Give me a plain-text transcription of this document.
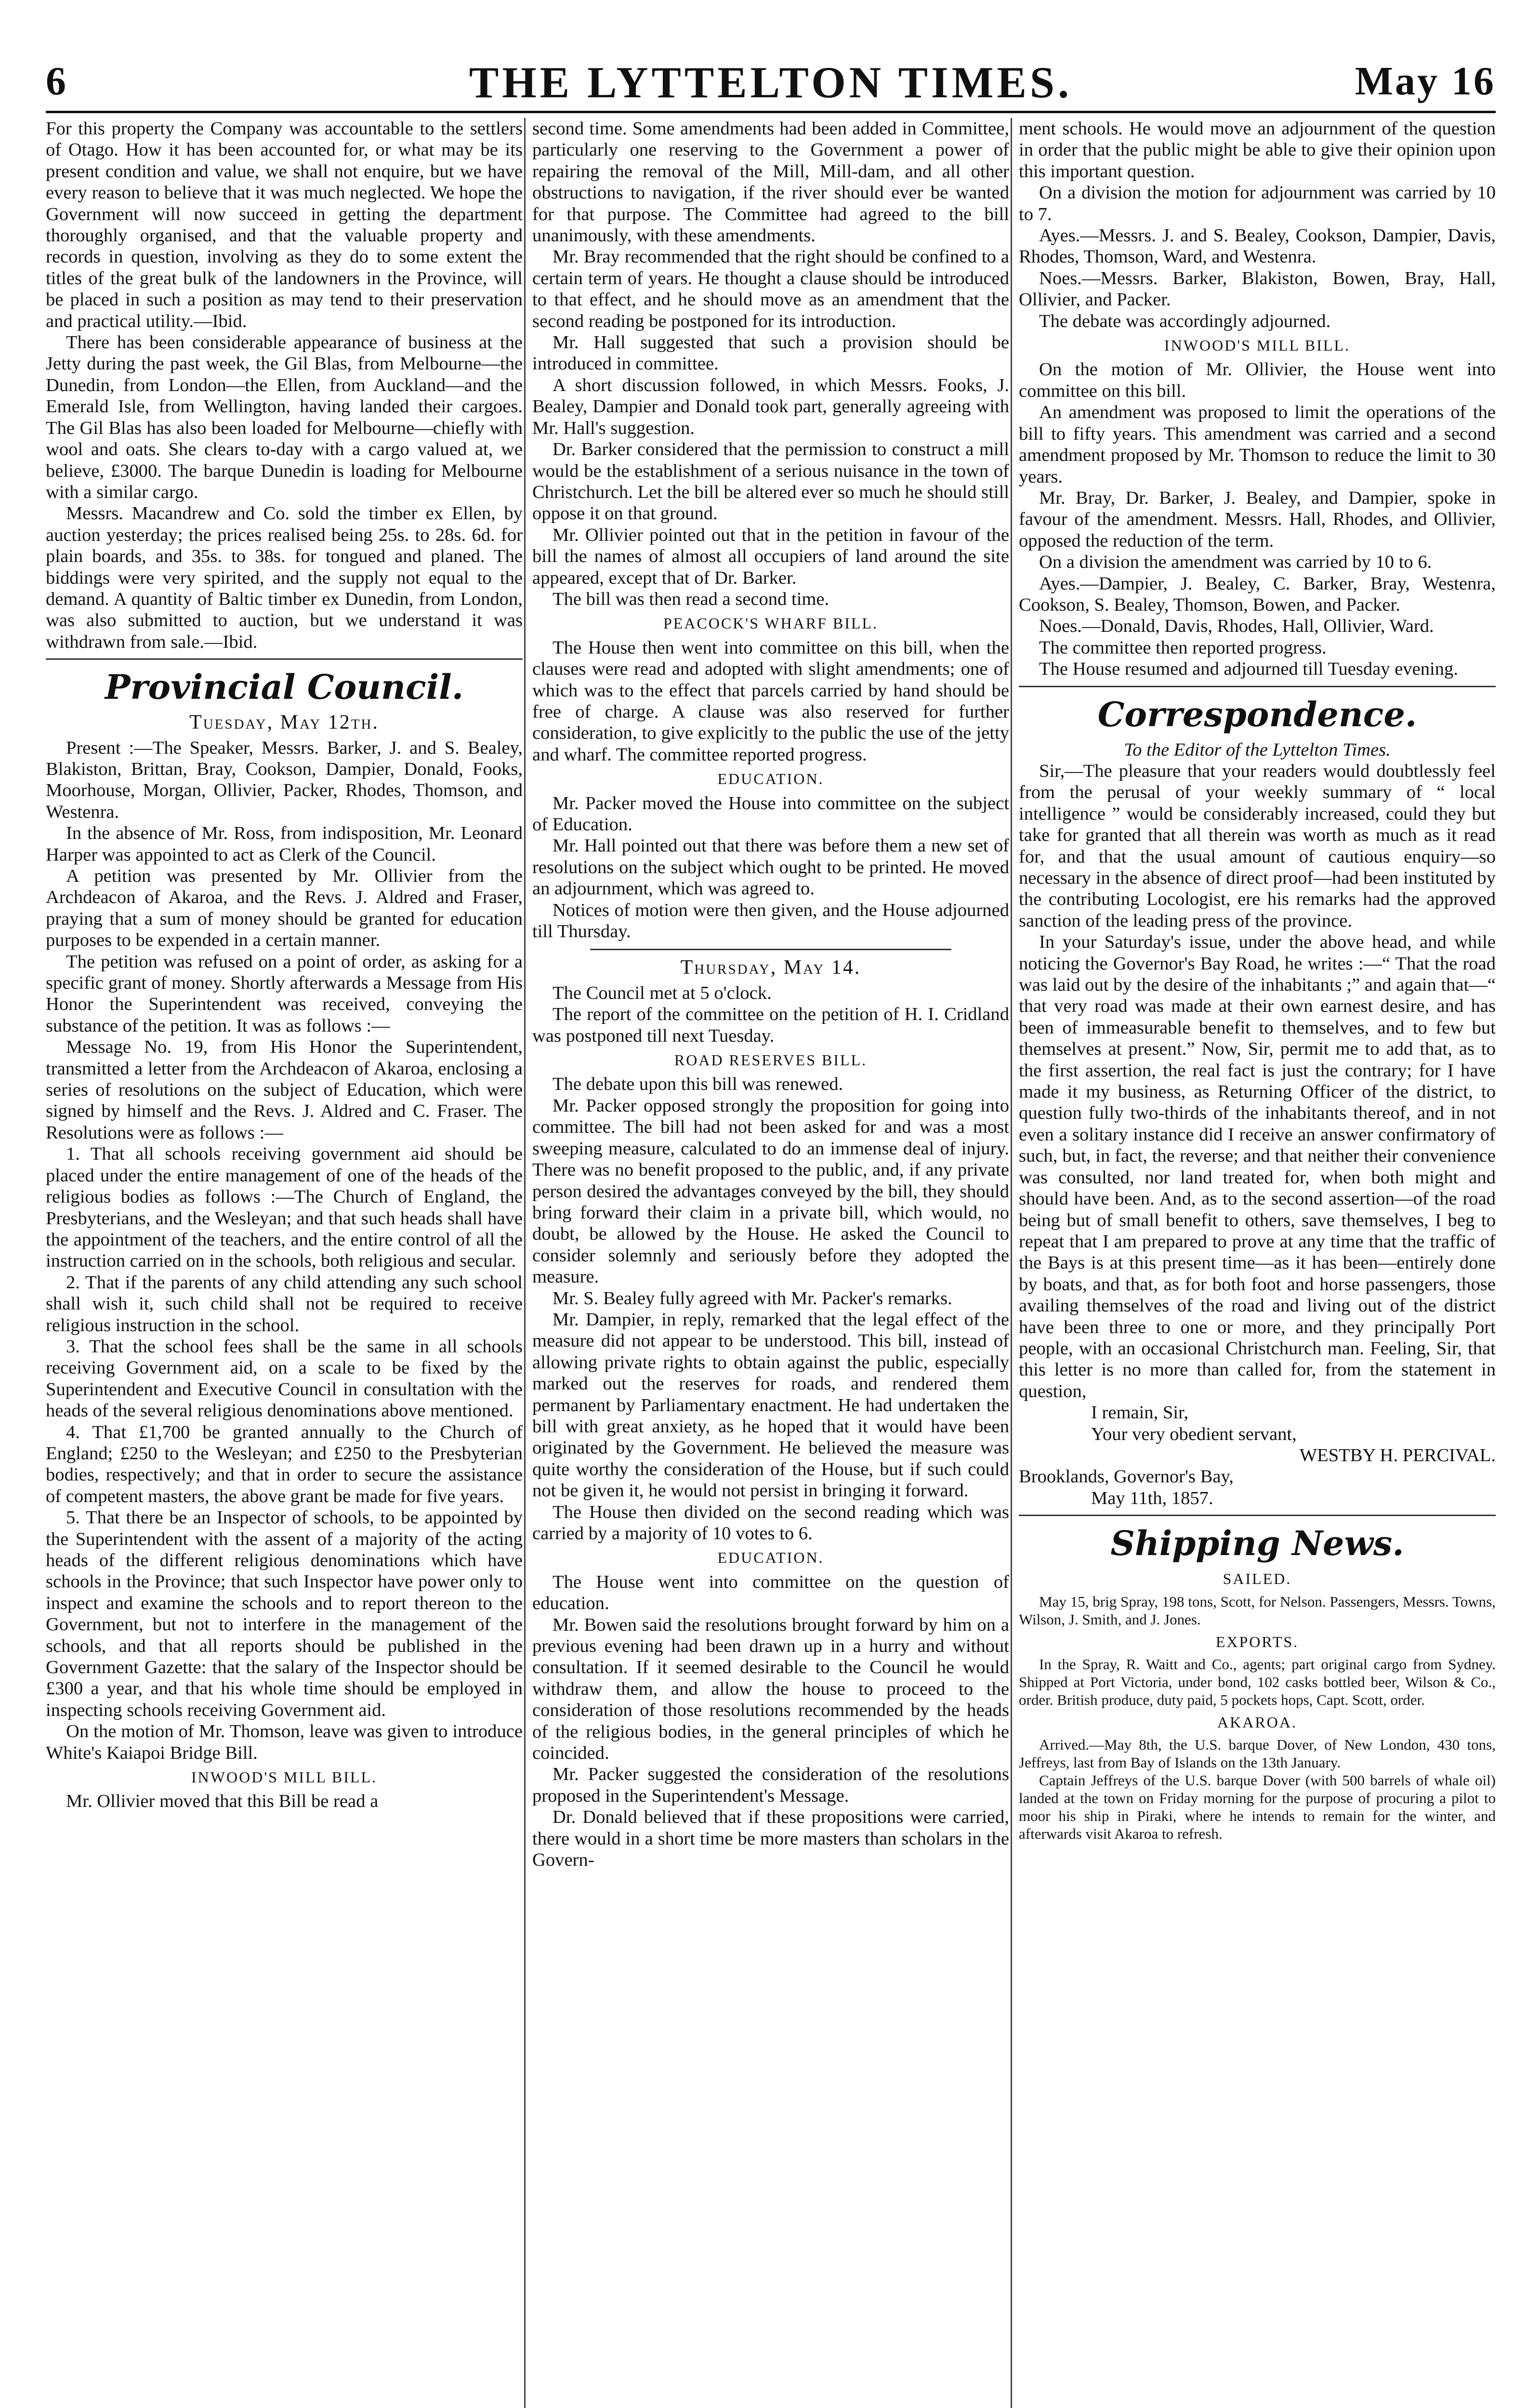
6	THE LYTTELTON TIMES.	May 16

For this property the Company was accountable to the settlers of Otago. How it has been accounted for, or what may be its present condition and value, we shall not enquire, but we have every reason to believe that it was much neglected. We hope the Government will now succeed in getting the department thoroughly organised, and that the valuable property and records in question, involving as they do to some extent the titles of the great bulk of the landowners in the Province, will be placed in such a position as may tend to their preservation and practical utility.—Ibid.

There has been considerable appearance of business at the Jetty during the past week, the Gil Blas, from Melbourne—the Dunedin, from London—the Ellen, from Auckland—and the Emerald Isle, from Wellington, having landed their cargoes. The Gil Blas has also been loaded for Melbourne—chiefly with wool and oats. She clears to-day with a cargo valued at, we believe, £3000. The barque Dunedin is loading for Melbourne with a similar cargo.

Messrs. Macandrew and Co. sold the timber ex Ellen, by auction yesterday; the prices realised being 25s. to 28s. 6d. for plain boards, and 35s. to 38s. for tongued and planed. The biddings were very spirited, and the supply not equal to the demand. A quantity of Baltic timber ex Dunedin, from London, was also submitted to auction, but we understand it was withdrawn from sale.—Ibid.

Provincial Council.
Tuesday, May 12th.

Present :—The Speaker, Messrs. Barker, J. and S. Bealey, Blakiston, Brittan, Bray, Cookson, Dampier, Donald, Fooks, Moorhouse, Morgan, Ollivier, Packer, Rhodes, Thomson, and Westenra.

In the absence of Mr. Ross, from indisposition, Mr. Leonard Harper was appointed to act as Clerk of the Council.

A petition was presented by Mr. Ollivier from the Archdeacon of Akaroa, and the Revs. J. Aldred and Fraser, praying that a sum of money should be granted for education purposes to be expended in a certain manner.

The petition was refused on a point of order, as asking for a specific grant of money. Shortly afterwards a Message from His Honor the Superintendent was received, conveying the substance of the petition. It was as follows :—

Message No. 19, from His Honor the Superintendent, transmitted a letter from the Archdeacon of Akaroa, enclosing a series of resolutions on the subject of Education, which were signed by himself and the Revs. J. Aldred and C. Fraser. The Resolutions were as follows :—

1. That all schools receiving government aid should be placed under the entire management of one of the heads of the religious bodies as follows :—The Church of England, the Presbyterians, and the Wesleyan; and that such heads shall have the appointment of the teachers, and the entire control of all the instruction carried on in the schools, both religious and secular.

2. That if the parents of any child attending any such school shall wish it, such child shall not be required to receive religious instruction in the school.

3. That the school fees shall be the same in all schools receiving Government aid, on a scale to be fixed by the Superintendent and Executive Council in consultation with the heads of the several religious denominations above mentioned.

4. That £1,700 be granted annually to the Church of England; £250 to the Wesleyan; and £250 to the Presbyterian bodies, respectively; and that in order to secure the assistance of competent masters, the above grant be made for five years.

5. That there be an Inspector of schools, to be appointed by the Superintendent with the assent of a majority of the acting heads of the different religious denominations which have schools in the Province; that such Inspector have power only to inspect and examine the schools and to report thereon to the Government, but not to interfere in the management of the schools, and that all reports should be published in the Government Gazette: that the salary of the Inspector should be £300 a year, and that his whole time should be employed in inspecting schools receiving Government aid.

On the motion of Mr. Thomson, leave was given to introduce White's Kaiapoi Bridge Bill.

INWOOD'S MILL BILL.

Mr. Ollivier moved that this Bill be read a

second time. Some amendments had been added in Committee, particularly one reserving to the Government a power of repairing the removal of the Mill, Mill-dam, and all other obstructions to navigation, if the river should ever be wanted for that purpose. The Committee had agreed to the bill unanimously, with these amendments.

Mr. Bray recommended that the right should be confined to a certain term of years. He thought a clause should be introduced to that effect, and he should move as an amendment that the second reading be postponed for its introduction.

Mr. Hall suggested that such a provision should be introduced in committee.

A short discussion followed, in which Messrs. Fooks, J. Bealey, Dampier and Donald took part, generally agreeing with Mr. Hall's suggestion.

Dr. Barker considered that the permission to construct a mill would be the establishment of a serious nuisance in the town of Christchurch. Let the bill be altered ever so much he should still oppose it on that ground.

Mr. Ollivier pointed out that in the petition in favour of the bill the names of almost all occupiers of land around the site appeared, except that of Dr. Barker.

The bill was then read a second time.

PEACOCK'S WHARF BILL.

The House then went into committee on this bill, when the clauses were read and adopted with slight amendments; one of which was to the effect that parcels carried by hand should be free of charge. A clause was also reserved for further consideration, to give explicitly to the public the use of the jetty and wharf. The committee reported progress.

EDUCATION.

Mr. Packer moved the House into committee on the subject of Education.

Mr. Hall pointed out that there was before them a new set of resolutions on the subject which ought to be printed. He moved an adjournment, which was agreed to.

Notices of motion were then given, and the House adjourned till Thursday.

Thursday, May 14.

The Council met at 5 o'clock.

The report of the committee on the petition of H. I. Cridland was postponed till next Tuesday.

ROAD RESERVES BILL.

The debate upon this bill was renewed.

Mr. Packer opposed strongly the proposition for going into committee. The bill had not been asked for and was a most sweeping measure, calculated to do an immense deal of injury. There was no benefit proposed to the public, and, if any private person desired the advantages conveyed by the bill, they should bring forward their claim in a private bill, which would, no doubt, be allowed by the House. He asked the Council to consider solemnly and seriously before they adopted the measure.

Mr. S. Bealey fully agreed with Mr. Packer's remarks.

Mr. Dampier, in reply, remarked that the legal effect of the measure did not appear to be understood. This bill, instead of allowing private rights to obtain against the public, especially marked out the reserves for roads, and rendered them permanent by Parliamentary enactment. He had undertaken the bill with great anxiety, as he hoped that it would have been originated by the Government. He believed the measure was quite worthy the consideration of the House, but if such could not be given it, he would not persist in bringing it forward.

The House then divided on the second reading which was carried by a majority of 10 votes to 6.

EDUCATION.

The House went into committee on the question of education.

Mr. Bowen said the resolutions brought forward by him on a previous evening had been drawn up in a hurry and without consultation. If it seemed desirable to the Council he would withdraw them, and allow the house to proceed to the consideration of those resolutions recommended by the heads of the religious bodies, in the general principles of which he coincided.

Mr. Packer suggested the consideration of the resolutions proposed in the Superintendent's Message.

Dr. Donald believed that if these propositions were carried, there would in a short time be more masters than scholars in the Govern-

ment schools. He would move an adjournment of the question in order that the public might be able to give their opinion upon this important question.

On a division the motion for adjournment was carried by 10 to 7.

Ayes.—Messrs. J. and S. Bealey, Cookson, Dampier, Davis, Rhodes, Thomson, Ward, and Westenra.

Noes.—Messrs. Barker, Blakiston, Bowen, Bray, Hall, Ollivier, and Packer.

The debate was accordingly adjourned.

INWOOD'S MILL BILL.

On the motion of Mr. Ollivier, the House went into committee on this bill.

An amendment was proposed to limit the operations of the bill to fifty years. This amendment was carried and a second amendment proposed by Mr. Thomson to reduce the limit to 30 years.

Mr. Bray, Dr. Barker, J. Bealey, and Dampier, spoke in favour of the amendment. Messrs. Hall, Rhodes, and Ollivier, opposed the reduction of the term.

On a division the amendment was carried by 10 to 6.

Ayes.—Dampier, J. Bealey, C. Barker, Bray, Westenra, Cookson, S. Bealey, Thomson, Bowen, and Packer.

Noes.—Donald, Davis, Rhodes, Hall, Ollivier, Ward.

The committee then reported progress.

The House resumed and adjourned till Tuesday evening.

Correspondence.

To the Editor of the Lyttelton Times.

Sir,—The pleasure that your readers would doubtlessly feel from the perusal of your weekly summary of “ local intelligence ” would be considerably increased, could they but take for granted that all therein was worth as much as it read for, and that the usual amount of cautious enquiry—so necessary in the absence of direct proof—had been instituted by the contributing Locologist, ere his remarks had the approved sanction of the leading press of the province.

In your Saturday's issue, under the above head, and while noticing the Governor's Bay Road, he writes :—“ That the road was laid out by the desire of the inhabitants ;” and again that—“ that very road was made at their own earnest desire, and has been of immeasurable benefit to themselves, and to few but themselves at present.” Now, Sir, permit me to add that, as to the first assertion, the real fact is just the contrary; for I have made it my business, as Returning Officer of the district, to question fully two-thirds of the inhabitants thereof, and in not even a solitary instance did I receive an answer confirmatory of such, but, in fact, the reverse; and that neither their convenience was consulted, nor land treated for, when both might and should have been. And, as to the second assertion—of the road being but of small benefit to others, save themselves, I beg to repeat that I am prepared to prove at any time that the traffic of the Bays is at this present time—as it has been—entirely done by boats, and that, as for both foot and horse passengers, those availing themselves of the road and living out of the district have been three to one or more, and they principally Port people, with an occasional Christchurch man. Feeling, Sir, that this letter is no more than called for, from the statement in question,

I remain, Sir,

Your very obedient servant,

WESTBY H. PERCIVAL.

Brooklands, Governor's Bay,

May 11th, 1857.

Shipping News.
SAILED.

May 15, brig Spray, 198 tons, Scott, for Nelson. Passengers, Messrs. Towns, Wilson, J. Smith, and J. Jones.

EXPORTS.

In the Spray, R. Waitt and Co., agents; part original cargo from Sydney. Shipped at Port Victoria, under bond, 102 casks bottled beer, Wilson & Co., order. British produce, duty paid, 5 pockets hops, Capt. Scott, order.

AKAROA.

Arrived.—May 8th, the U.S. barque Dover, of New London, 430 tons, Jeffreys, last from Bay of Islands on the 13th January.

Captain Jeffreys of the U.S. barque Dover (with 500 barrels of whale oil) landed at the town on Friday morning for the purpose of procuring a pilot to moor his ship in Piraki, where he intends to remain for the winter, and afterwards visit Akaroa to refresh.
